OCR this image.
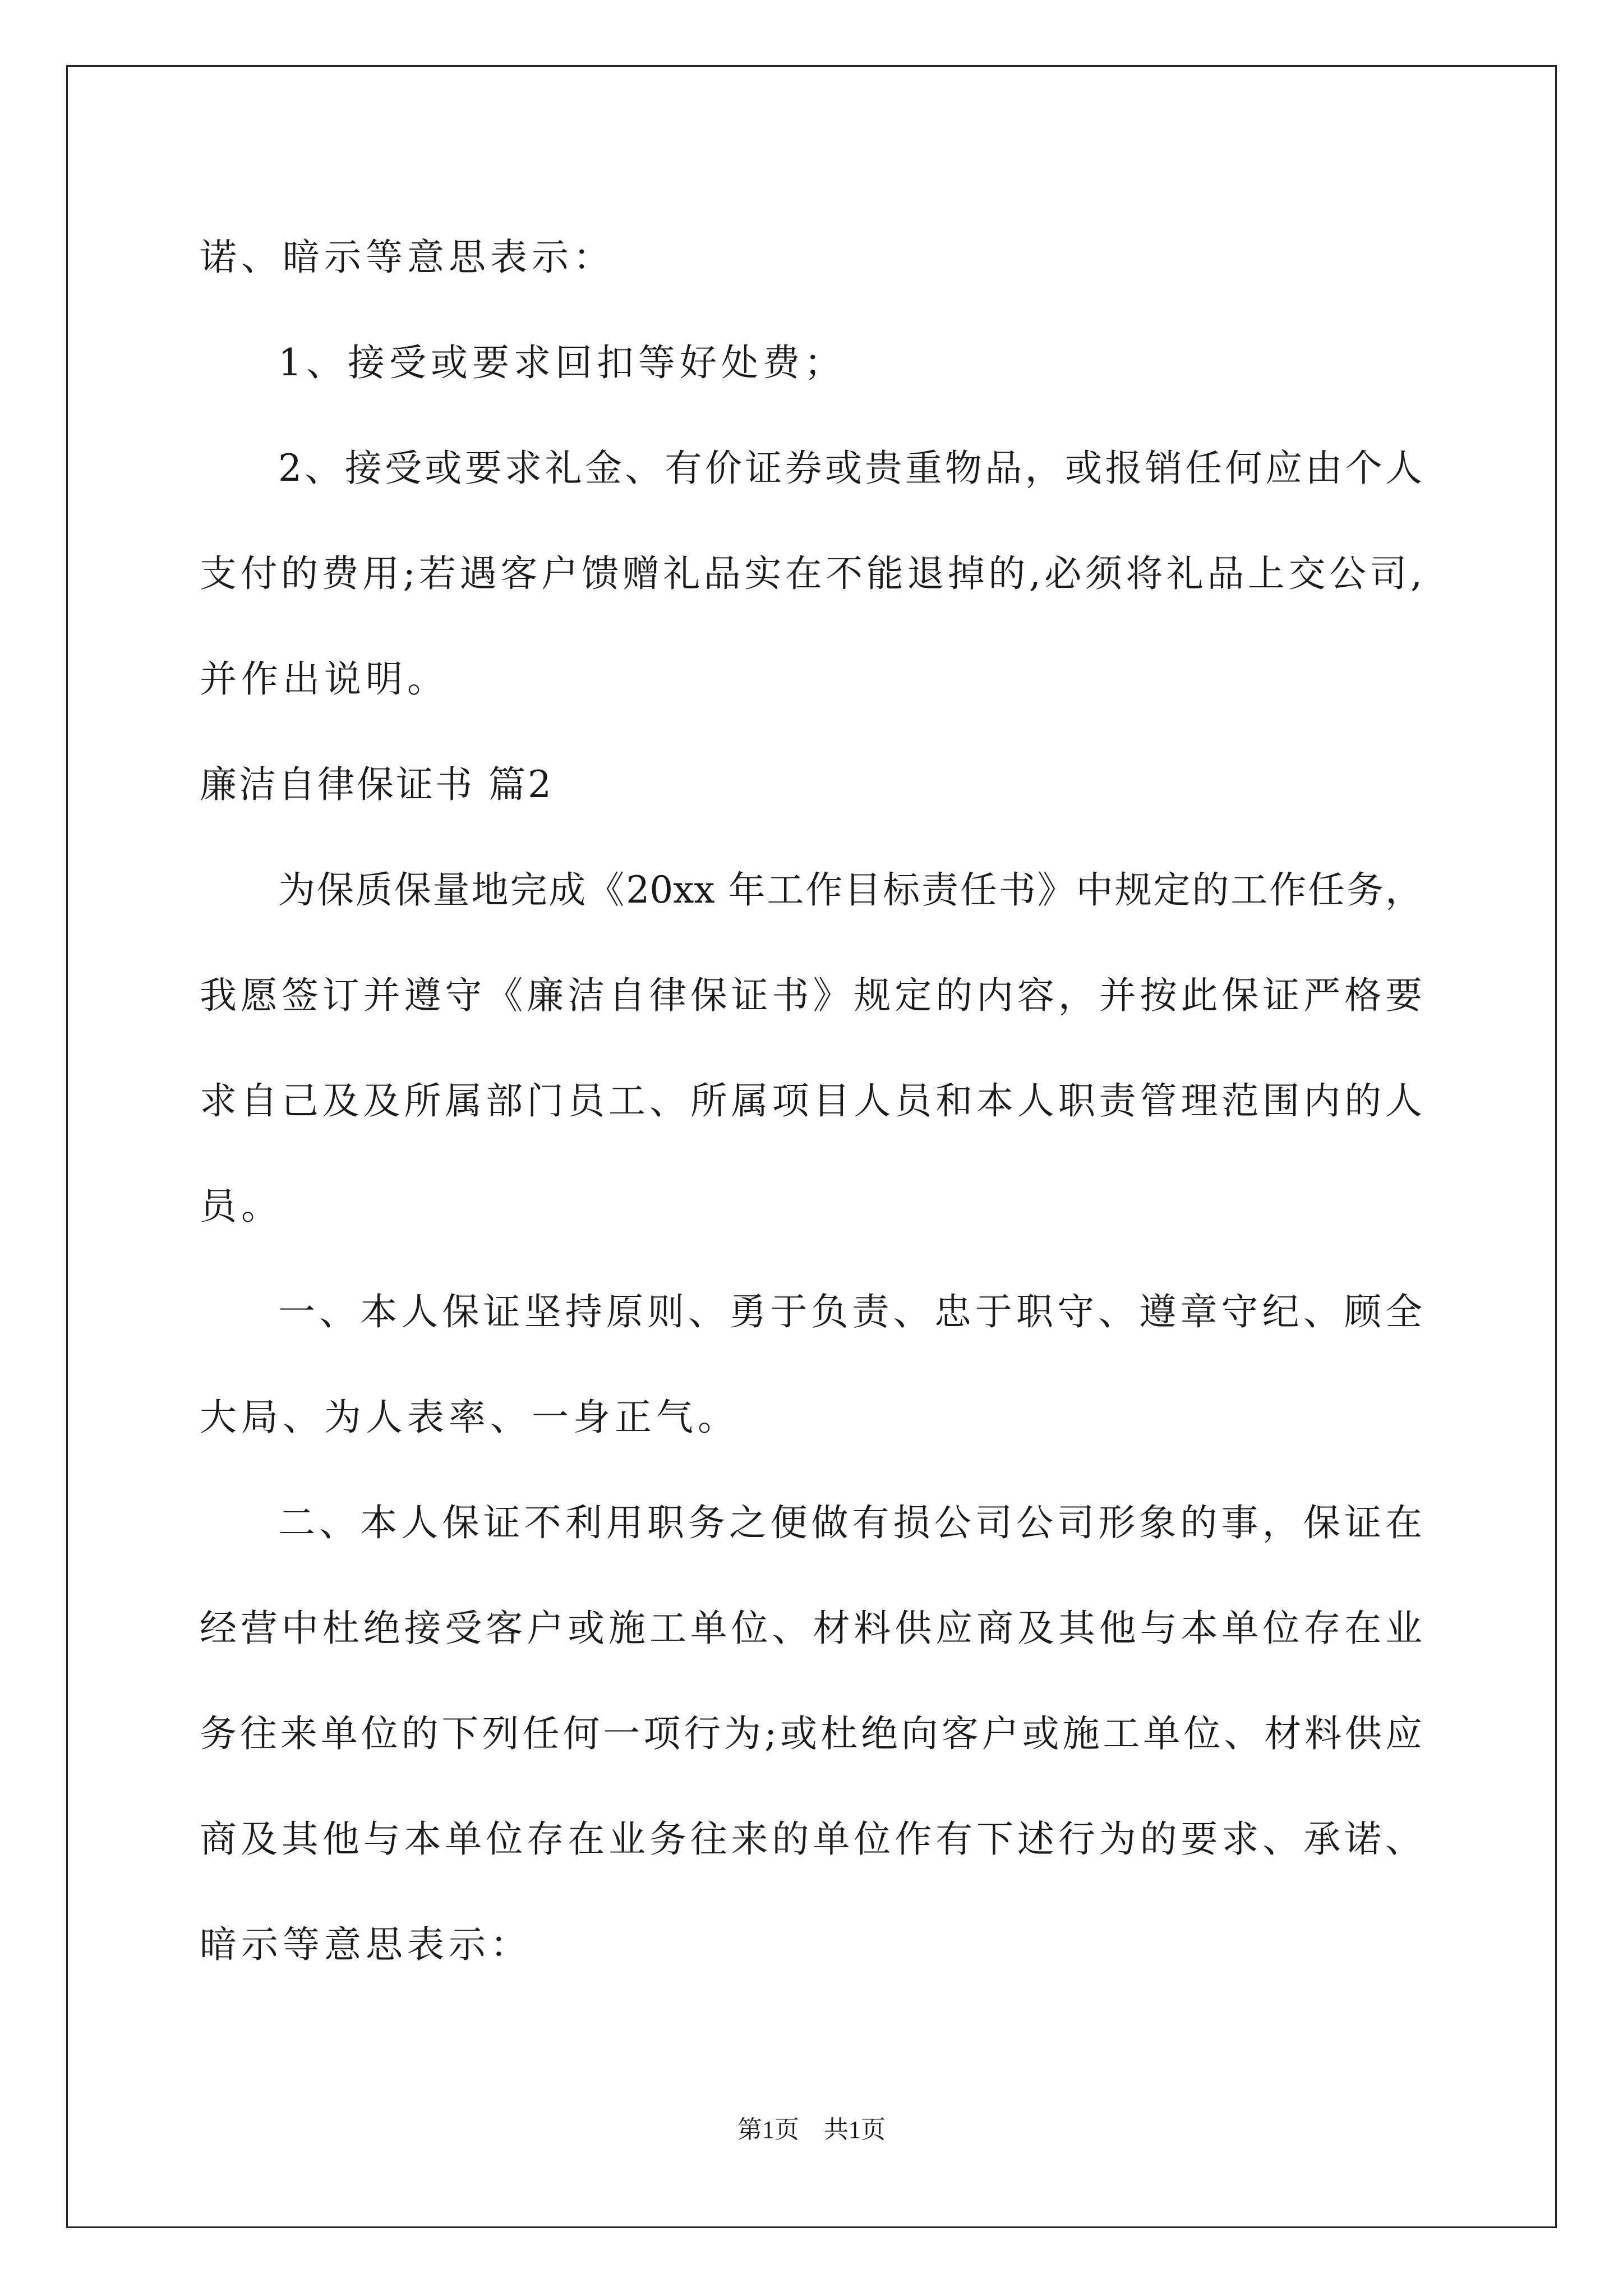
诺、暗示等意思表示：
1、接受或要求回扣等好处费；
2、接受或要求礼金、有价证券或贵重物品，或报销任何应由个人
支付的费用;若遇客户馈赠礼品实在不能退掉的,必须将礼品上交公司,
并作出说明。
廉洁自律保证书 篇2
为保质保量地完成《20xx 年工作目标责任书》中规定的工作任务，
我愿签订并遵守《廉洁自律保证书》规定的内容，并按此保证严格要
求自己及及所属部门员工、所属项目人员和本人职责管理范围内的人
员。
一、本人保证坚持原则、勇于负责、忠于职守、遵章守纪、顾全
大局、为人表率、一身正气。
二、本人保证不利用职务之便做有损公司公司形象的事，保证在
经营中杜绝接受客户或施工单位、材料供应商及其他与本单位存在业
务往来单位的下列任何一项行为;或杜绝向客户或施工单位、材料供应
商及其他与本单位存在业务往来的单位作有下述行为的要求、承诺、
暗示等意思表示：
第1页　共1页
